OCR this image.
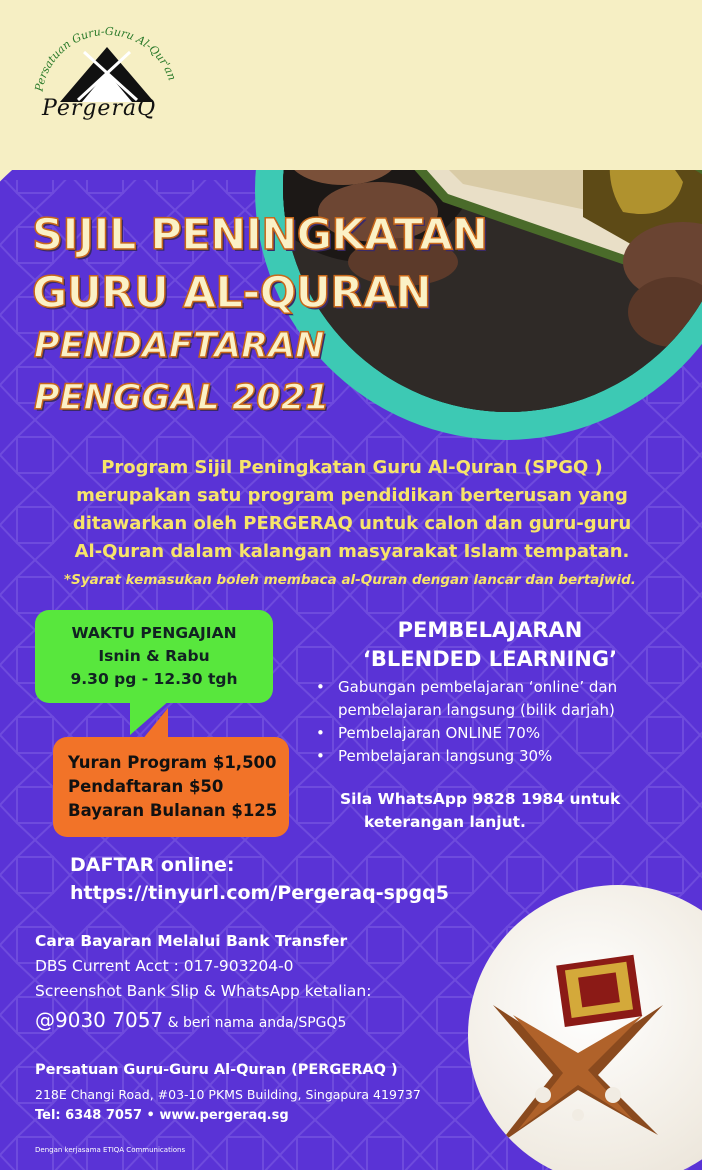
Persatuan Guru-Guru Al-Qur'an
PergeraQ
SIJIL PENINGKATAN
GURU AL-QURAN
PENDAFTARAN
PENGGAL 2021
Program Sijil Peningkatan Guru Al-Quran (SPGQ )
merupakan satu program pendidikan berterusan yang
ditawarkan oleh PERGERAQ untuk calon dan guru-guru
Al-Quran dalam kalangan masyarakat Islam tempatan.
*Syarat kemasukan boleh membaca al-Quran dengan lancar dan bertajwid.
WAKTU PENGAJIAN
Isnin & Rabu
9.30 pg - 12.30 tgh
Yuran Program $1,500
Pendaftaran $50
Bayaran Bulanan $125
PEMBELAJARAN
‘BLENDED LEARNING’
• Gabungan pembelajaran ‘online’ dan
pembelajaran langsung (bilik darjah)
• Pembelajaran ONLINE 70%
• Pembelajaran langsung 30%
Sila WhatsApp 9828 1984 untuk
keterangan lanjut.
DAFTAR online:
https://tinyurl.com/Pergeraq-spgq5
Cara Bayaran Melalui Bank Transfer
DBS Current Acct : 017-903204-0
Screenshot Bank Slip & WhatsApp ketalian:
@9030 7057 & beri nama anda/SPGQ5
Persatuan Guru-Guru Al-Quran (PERGERAQ )
218E Changi Road, #03-10 PKMS Building, Singapura 419737
Tel: 6348 7057 • www.pergeraq.sg
Dengan kerjasama ETIQA Communications
